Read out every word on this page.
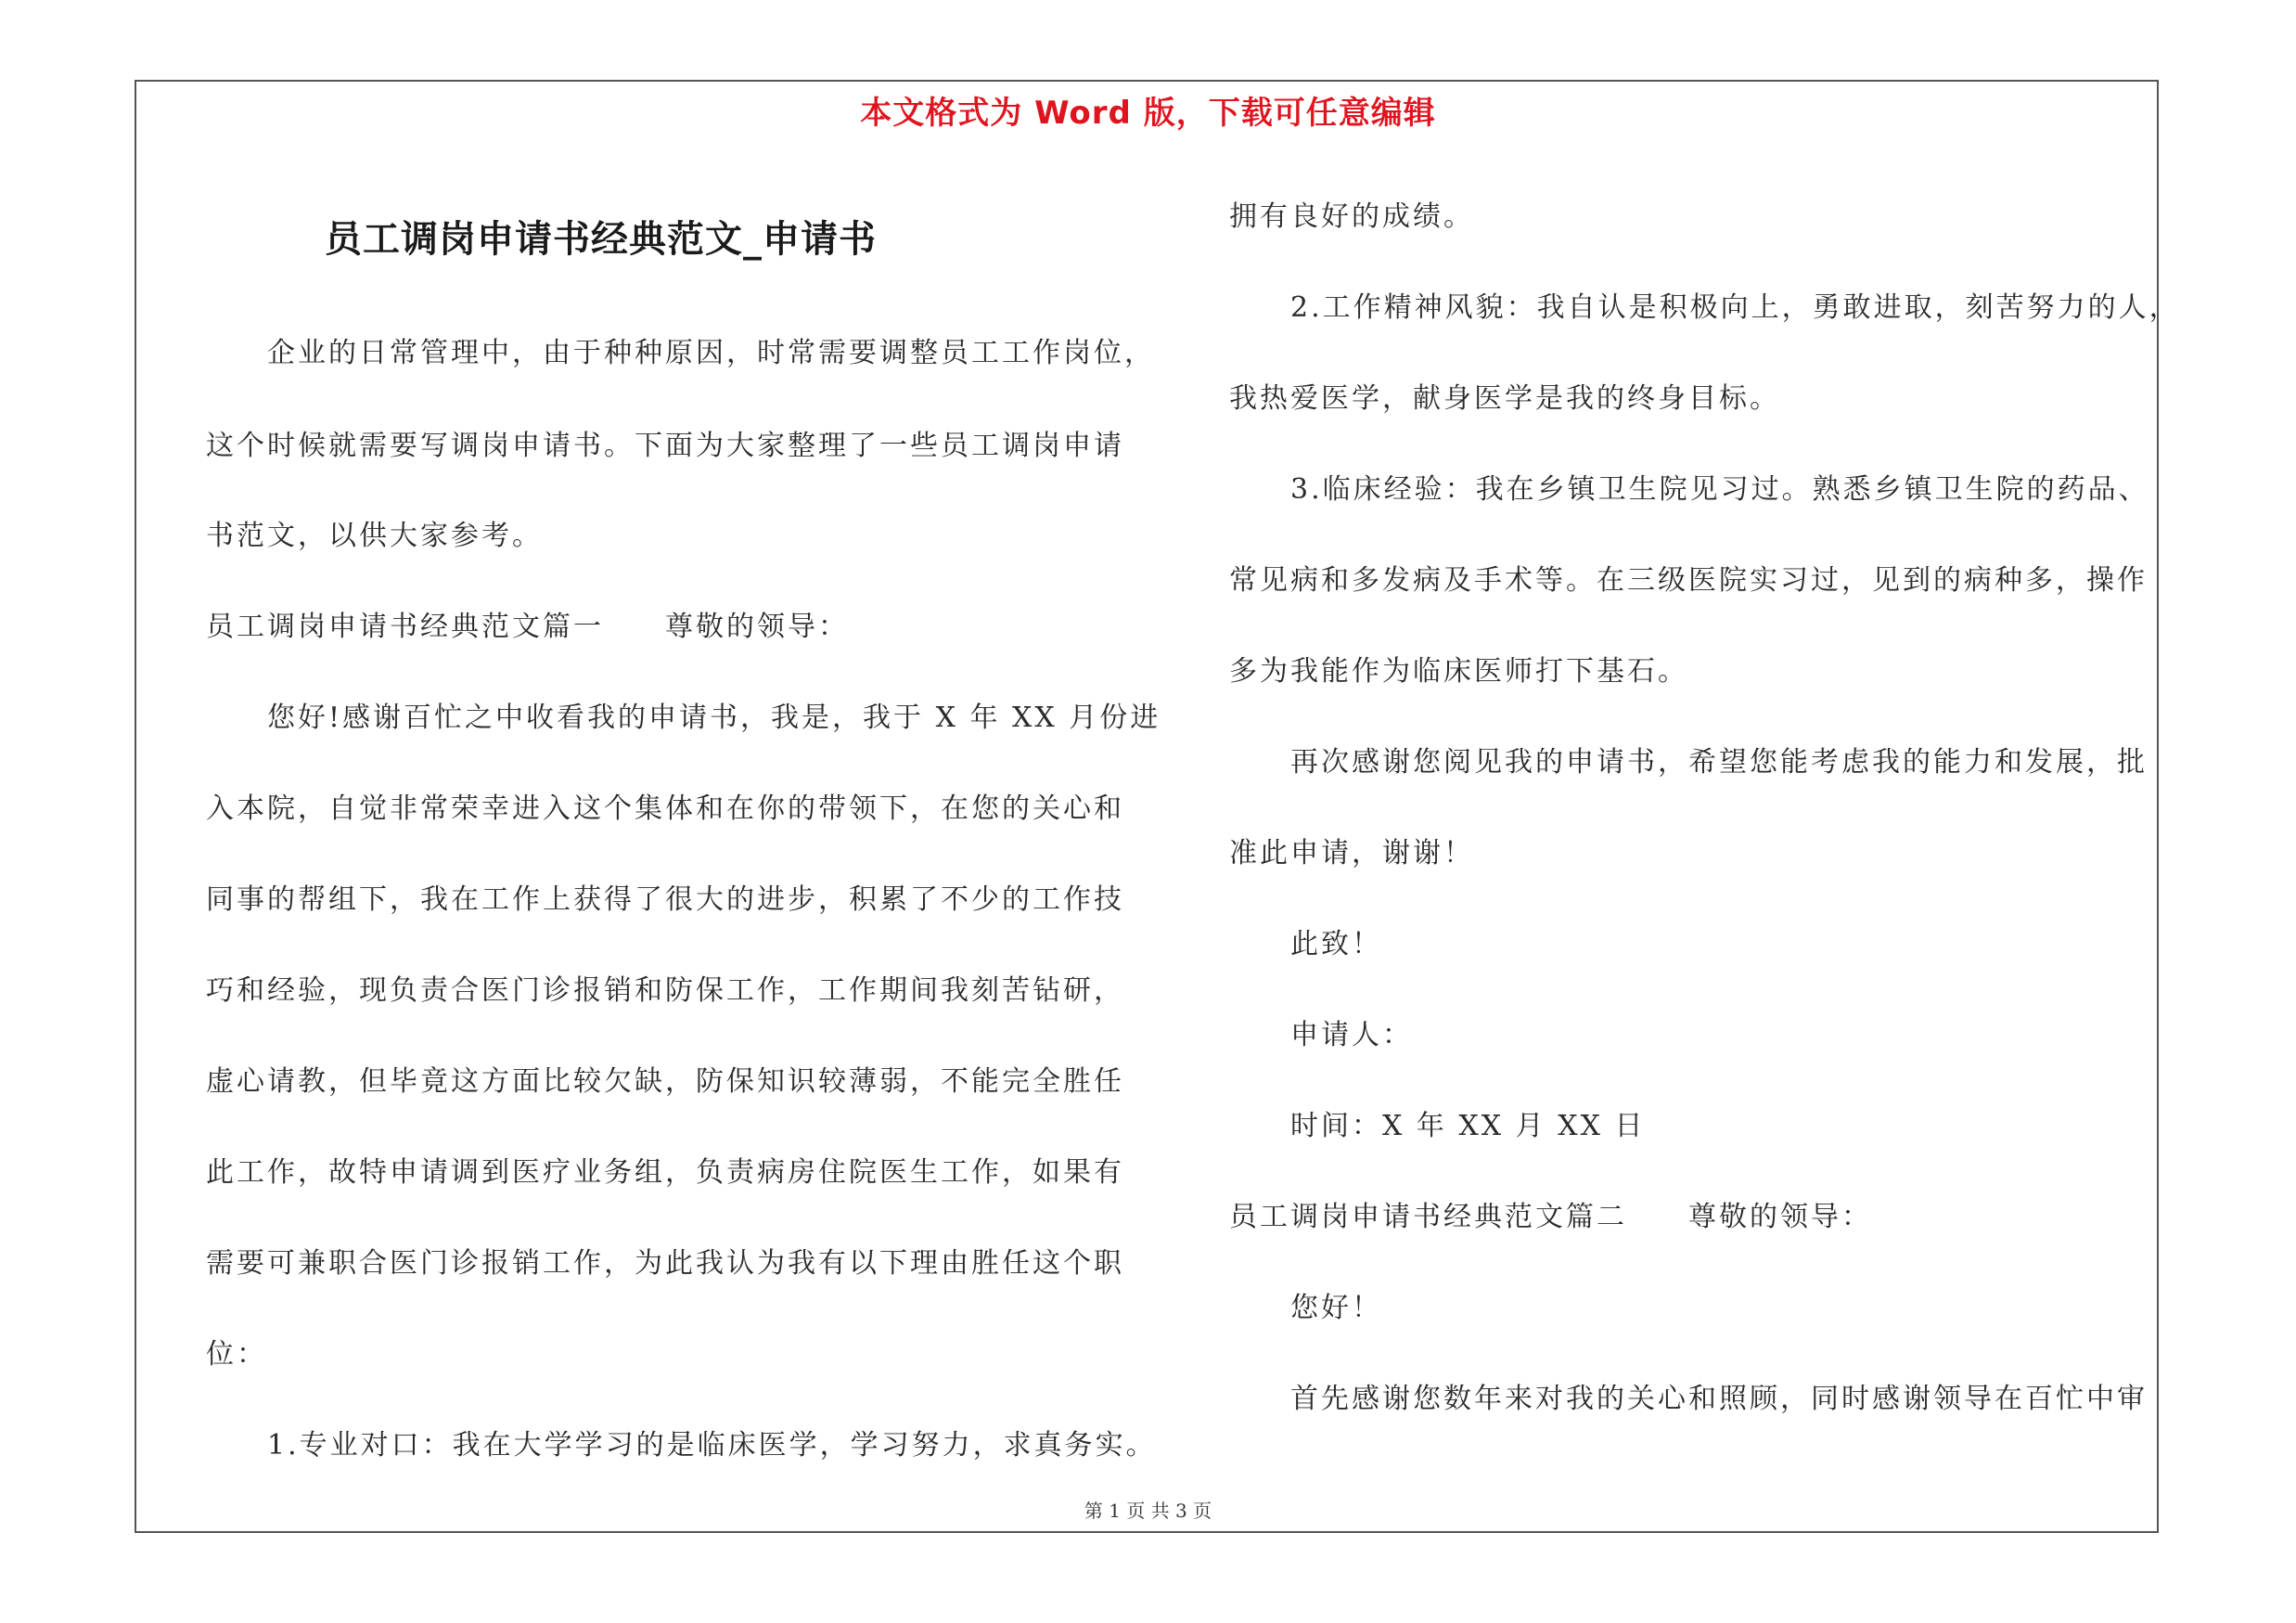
本文格式为 Word 版，下载可任意编辑
员工调岗申请书经典范文_申请书
企业的日常管理中，由于种种原因，时常需要调整员工工作岗位，
这个时候就需要写调岗申请书。下面为大家整理了一些员工调岗申请
书范文，以供大家参考。
员工调岗申请书经典范文篇一　　尊敬的领导：
您好!感谢百忙之中收看我的申请书，我是，我于 X 年 XX 月份进
入本院，自觉非常荣幸进入这个集体和在你的带领下，在您的关心和
同事的帮组下，我在工作上获得了很大的进步，积累了不少的工作技
巧和经验，现负责合医门诊报销和防保工作，工作期间我刻苦钻研，
虚心请教，但毕竟这方面比较欠缺，防保知识较薄弱，不能完全胜任
此工作，故特申请调到医疗业务组，负责病房住院医生工作，如果有
需要可兼职合医门诊报销工作，为此我认为我有以下理由胜任这个职
位：
1.专业对口：我在大学学习的是临床医学，学习努力，求真务实。
拥有良好的成绩。
2.工作精神风貌：我自认是积极向上，勇敢进取，刻苦努力的人，
我热爱医学，献身医学是我的终身目标。
3.临床经验：我在乡镇卫生院见习过。熟悉乡镇卫生院的药品、
常见病和多发病及手术等。在三级医院实习过，见到的病种多，操作
多为我能作为临床医师打下基石。
再次感谢您阅见我的申请书，希望您能考虑我的能力和发展，批
准此申请，谢谢！
此致！
申请人：
时间：X 年 XX 月 XX 日
员工调岗申请书经典范文篇二　　尊敬的领导：
您好！
首先感谢您数年来对我的关心和照顾，同时感谢领导在百忙中审
第 1 页 共 3 页
